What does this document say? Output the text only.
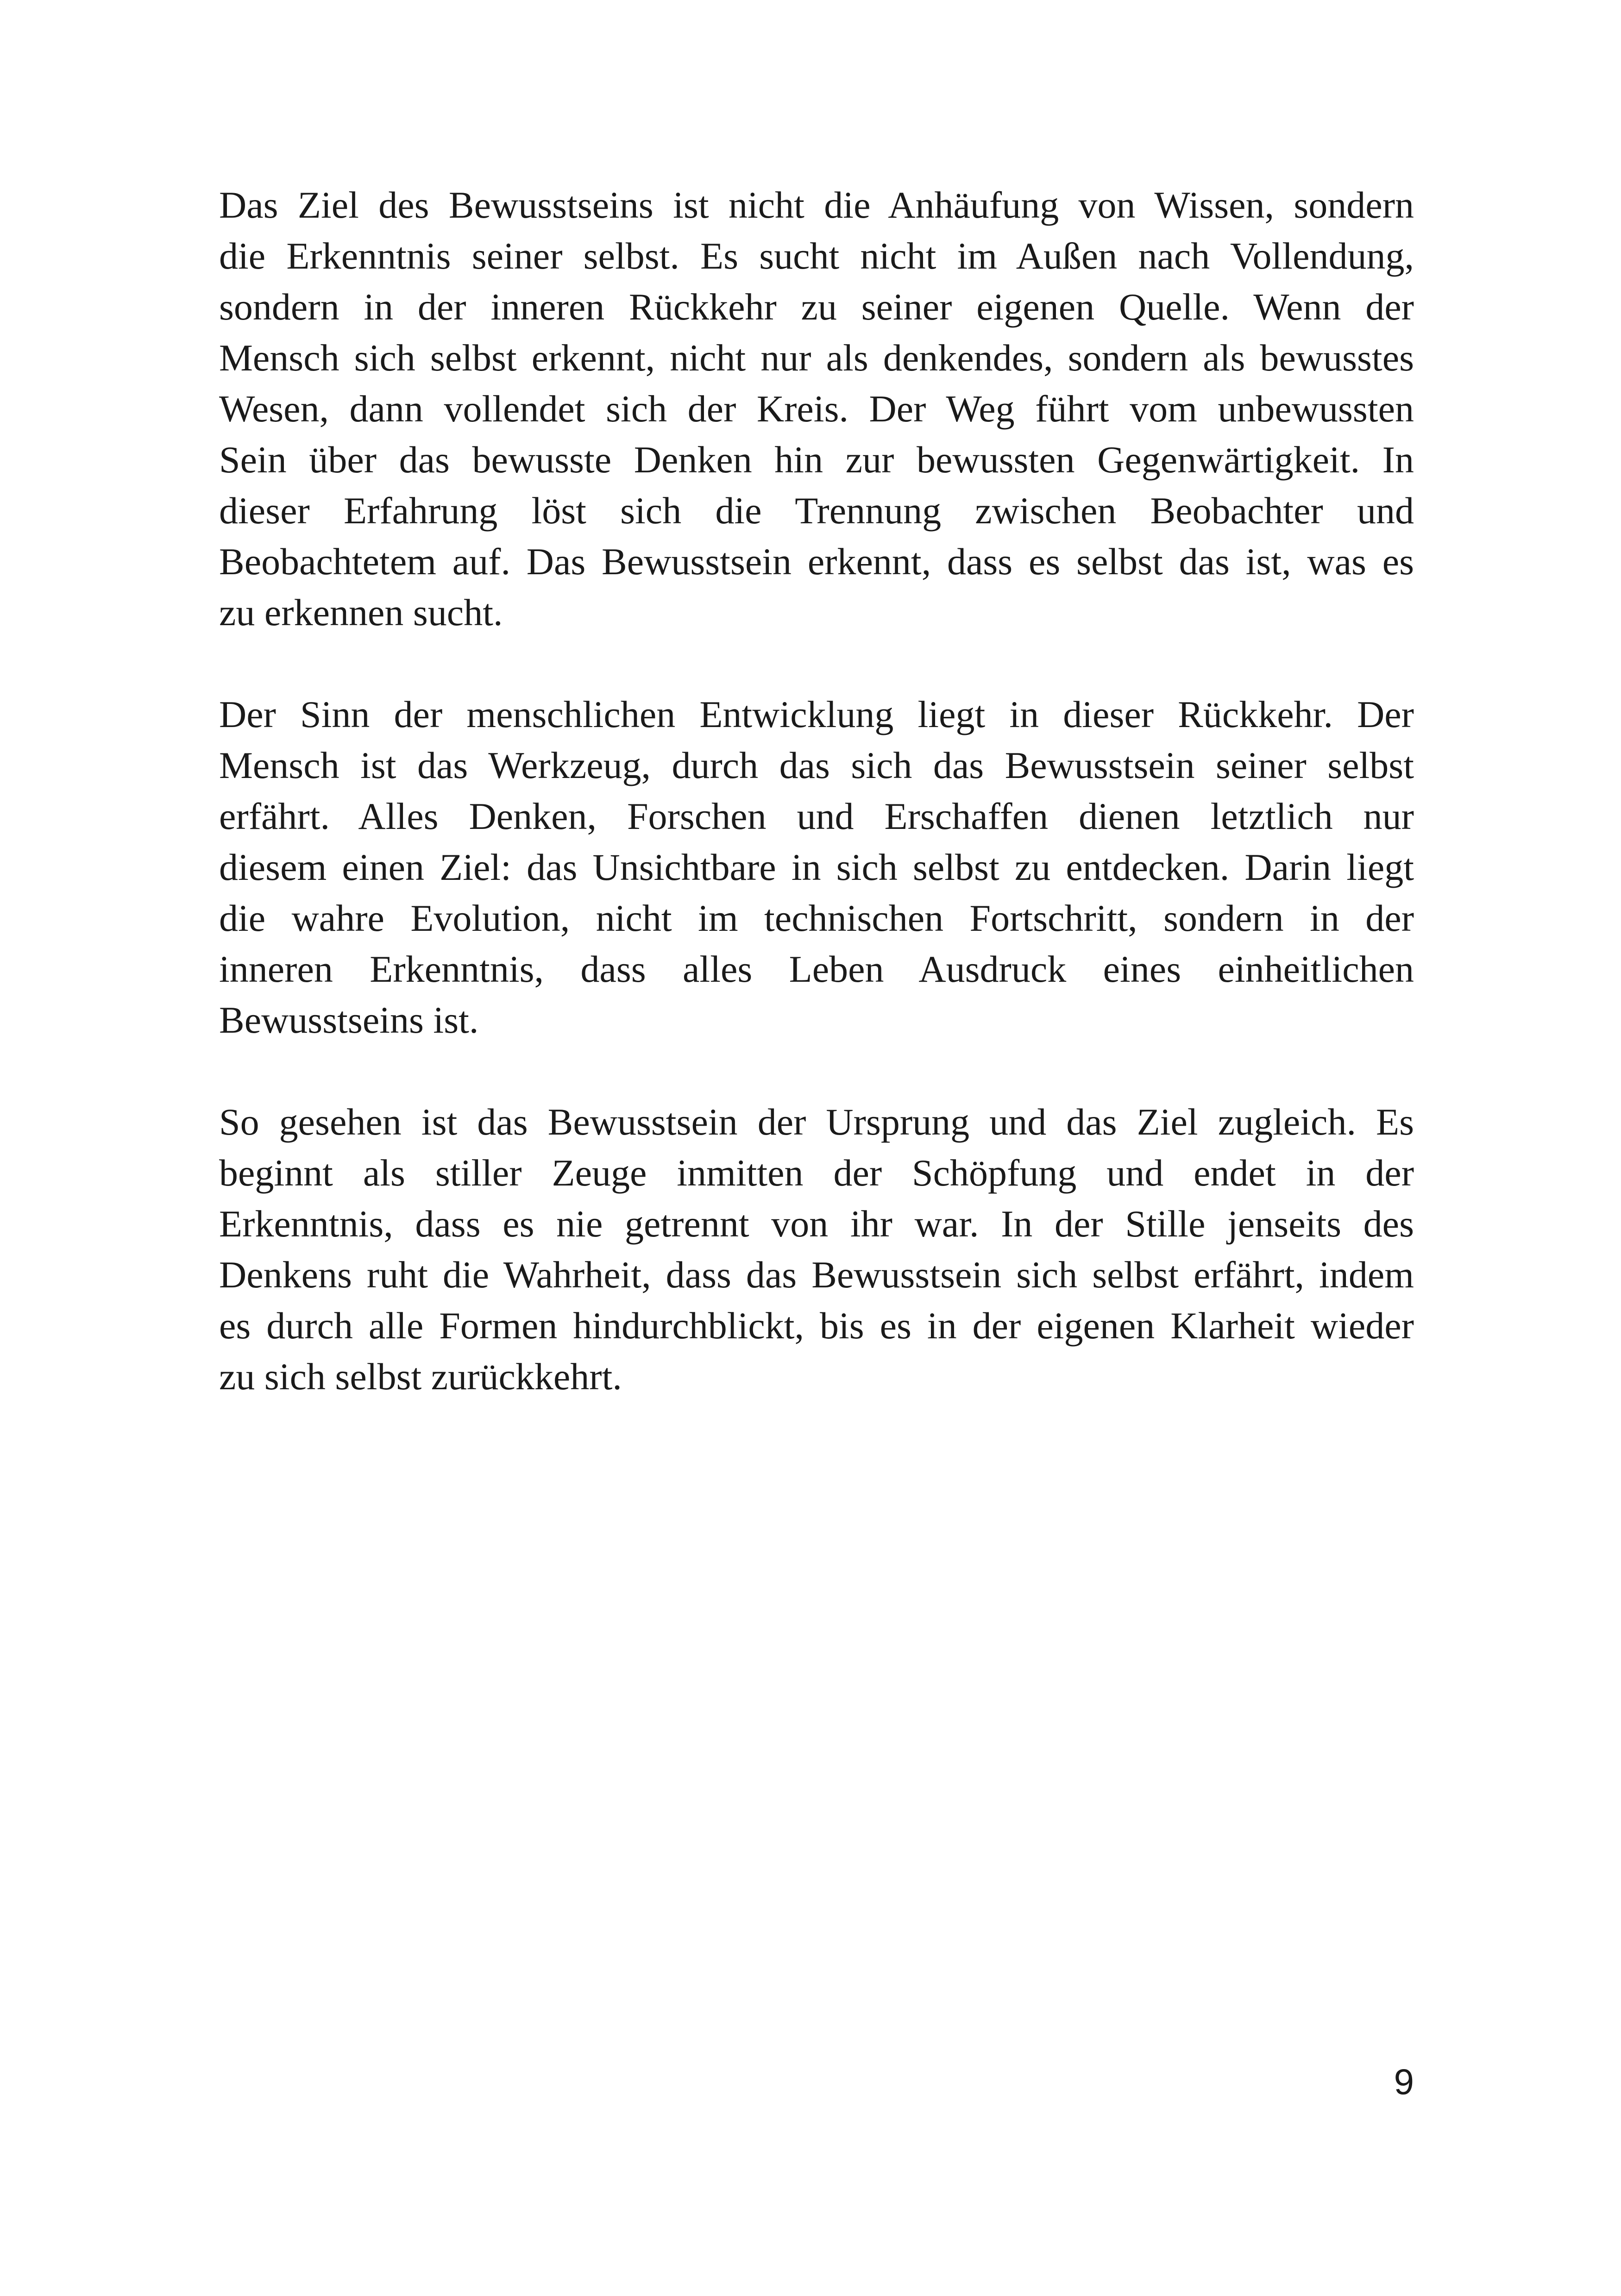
Das Ziel des Bewusstseins ist nicht die Anhäufung von Wissen, sondern
die Erkenntnis seiner selbst. Es sucht nicht im Außen nach Vollendung,
sondern in der inneren Rückkehr zu seiner eigenen Quelle. Wenn der
Mensch sich selbst erkennt, nicht nur als denkendes, sondern als bewusstes
Wesen, dann vollendet sich der Kreis. Der Weg führt vom unbewussten
Sein über das bewusste Denken hin zur bewussten Gegenwärtigkeit. In
dieser Erfahrung löst sich die Trennung zwischen Beobachter und
Beobachtetem auf. Das Bewusstsein erkennt, dass es selbst das ist, was es
zu erkennen sucht.
Der Sinn der menschlichen Entwicklung liegt in dieser Rückkehr. Der
Mensch ist das Werkzeug, durch das sich das Bewusstsein seiner selbst
erfährt. Alles Denken, Forschen und Erschaffen dienen letztlich nur
diesem einen Ziel: das Unsichtbare in sich selbst zu entdecken. Darin liegt
die wahre Evolution, nicht im technischen Fortschritt, sondern in der
inneren Erkenntnis, dass alles Leben Ausdruck eines einheitlichen
Bewusstseins ist.
So gesehen ist das Bewusstsein der Ursprung und das Ziel zugleich. Es
beginnt als stiller Zeuge inmitten der Schöpfung und endet in der
Erkenntnis, dass es nie getrennt von ihr war. In der Stille jenseits des
Denkens ruht die Wahrheit, dass das Bewusstsein sich selbst erfährt, indem
es durch alle Formen hindurchblickt, bis es in der eigenen Klarheit wieder
zu sich selbst zurückkehrt.
9
